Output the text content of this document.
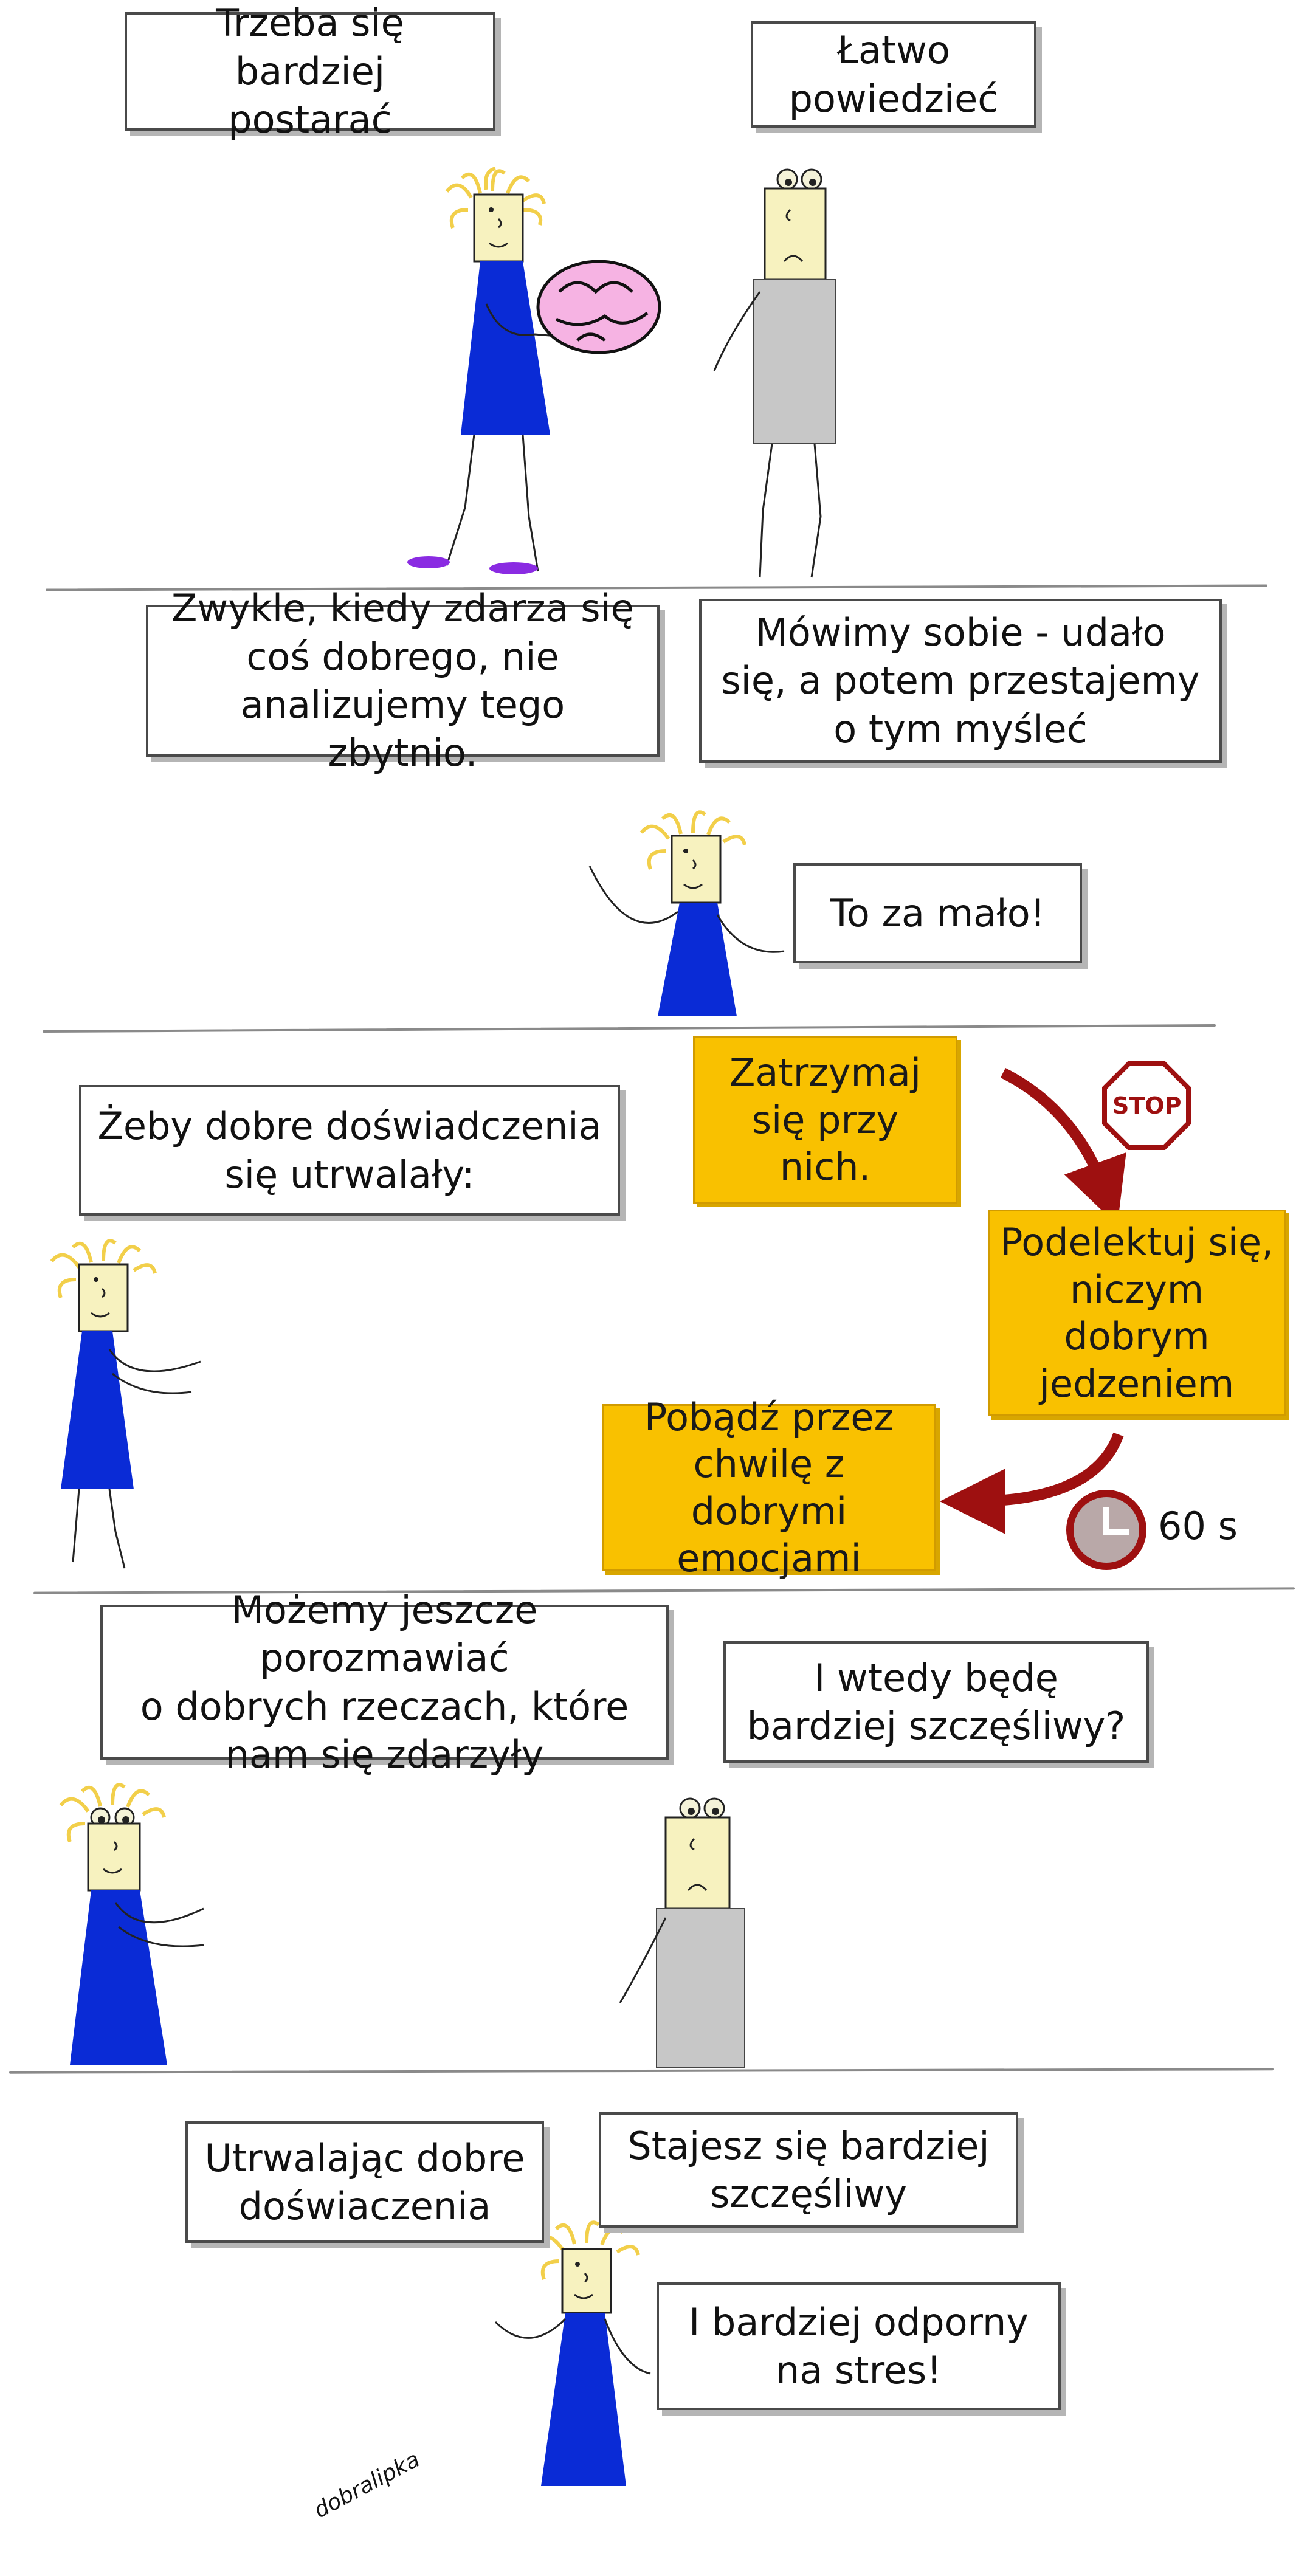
Trzeba się bardziej
postarać
Łatwo
powiedzieć
Zwykle, kiedy zdarza się
coś dobrego, nie
analizujemy tego zbytnio.
Mówimy sobie - udało
się, a potem przestajemy
o tym myśleć
To za mało!
Żeby dobre doświadczenia
się utrwalały:
Zatrzymaj się przy nich.
STOP
Podelektuj się, niczym dobrym jedzeniem
Pobądź przez chwilę z dobrymi emocjami
60 s
Możemy jeszcze porozmawiać
o dobrych rzeczach, które
nam się zdarzyły
I wtedy będę
bardziej szczęśliwy?
Utrwalając dobre
doświaczenia
Stajesz się bardziej
szczęśliwy
I bardziej odporny
na stres!
dobralipka
